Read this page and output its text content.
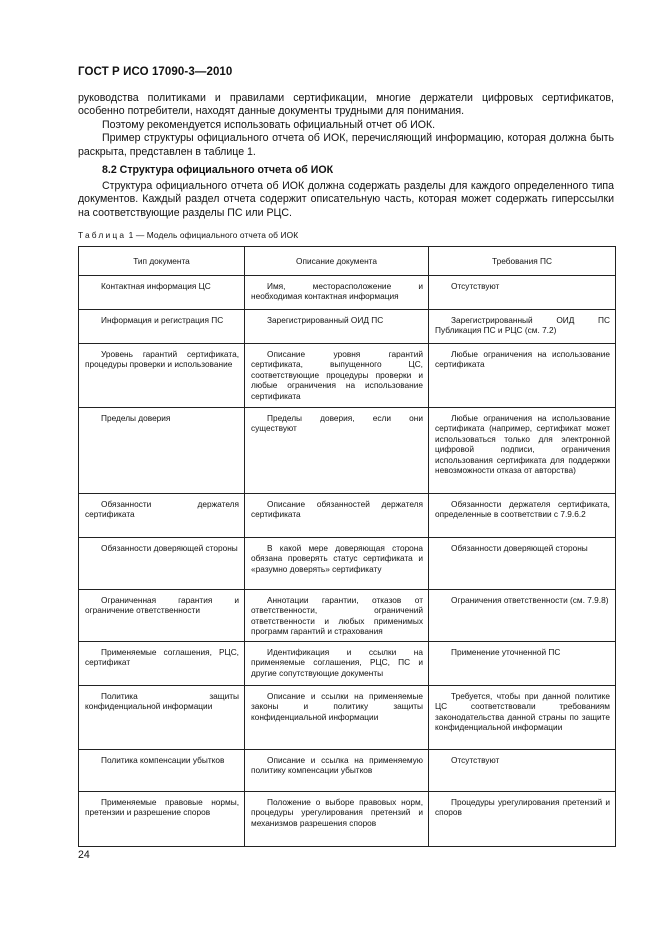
ГОСТ Р ИСО 17090-3—2010

руководства политиками и правилами сертификации, многие держатели цифровых сертификатов, особенно потребители, находят данные документы трудными для понимания.

Поэтому рекомендуется использовать официальный отчет об ИОК.

Пример структуры официального отчета об ИОК, перечисляющий информацию, которая должна быть раскрыта, представлен в таблице 1.

8.2 Структура официального отчета об ИОК
Структура официального отчета об ИОК должна содержать разделы для каждого определенного типа документов. Каждый раздел отчета содержит описательную часть, которая может содержать гиперссылки на соответствующие разделы ПС или РЦС.
Таблица 1 — Модель официального отчета об ИОК
Тип документа	Описание документа	Требования ПС

Контактная информация ЦС	Имя, месторасположение и необходимая контактная информация	Отсутствуют

Информация и регистрация ПС	Зарегистрированный ОИД ПС	Зарегистрированный ОИД ПС Публикация ПС и РЦС (см. 7.2)

Уровень гарантий сертификата, процедуры проверки и использование	Описание уровня гарантий сертификата, выпущенного ЦС, соответствующие процедуры проверки и любые ограничения на использование сертификата	Любые ограничения на использование сертификата

Пределы доверия	Пределы доверия, если они существуют	Любые ограничения на использование сертификата (например, сертификат может использоваться только для электронной цифровой подписи, ограничения использования сертификата для поддержки невозможности отказа от авторства)

Обязанности держателя сертификата	Описание обязанностей держателя сертификата	Обязанности держателя сертификата, определенные в соответствии с 7.9.6.2

Обязанности доверяющей стороны	В какой мере доверяющая сторона обязана проверять статус сертификата и «разумно доверять» сертификату	Обязанности доверяющей стороны

Ограниченная гарантия и ограничение ответственности	Аннотации гарантии, отказов от ответственности, ограничений ответственности и любых применимых программ гарантий и страхования	Ограничения ответственности (см. 7.9.8)

Применяемые соглашения, РЦС, сертификат	Идентификация и ссылки на применяемые соглашения, РЦС, ПС и другие сопутствующие документы	Применение уточненной ПС

Политика защиты конфиденциальной информации	Описание и ссылки на применяемые законы и политику защиты конфиденциальной информации	Требуется, чтобы при данной политике ЦС соответствовали требованиям законодательства данной страны по защите конфиденциальной информации

Политика компенсации убытков	Описание и ссылка на применяемую политику компенсации убытков	Отсутствуют

Применяемые правовые нормы, претензии и разрешение споров	Положение о выборе правовых норм, процедуры урегулирования претензий и механизмов разрешения споров	Процедуры урегулирования претензий и споров
24
